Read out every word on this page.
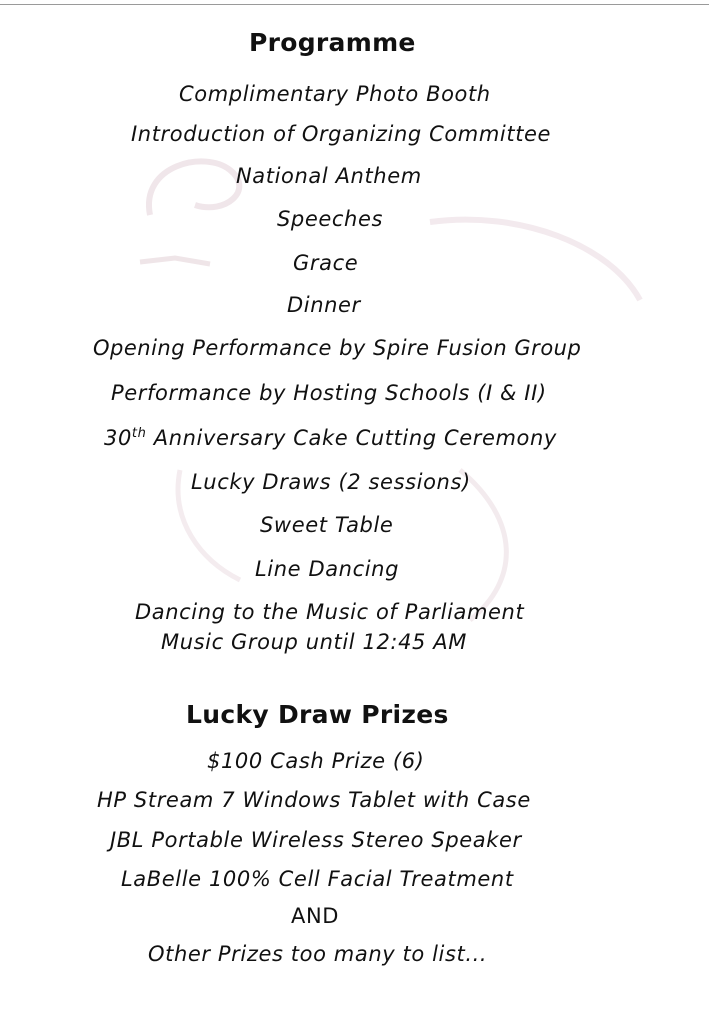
Programme
Complimentary Photo Booth
Introduction of Organizing Committee
National Anthem
Speeches
Grace
Dinner
Opening Performance by Spire Fusion Group
Performance by Hosting Schools (I & II)
30th Anniversary Cake Cutting Ceremony
Lucky Draws (2 sessions)
Sweet Table
Line Dancing
Dancing to the Music of Parliament
Music Group until 12:45 AM
Lucky Draw Prizes
$100 Cash Prize (6)
HP Stream 7 Windows Tablet with Case
JBL Portable Wireless Stereo Speaker
LaBelle 100% Cell Facial Treatment
AND
Other Prizes too many to list...
